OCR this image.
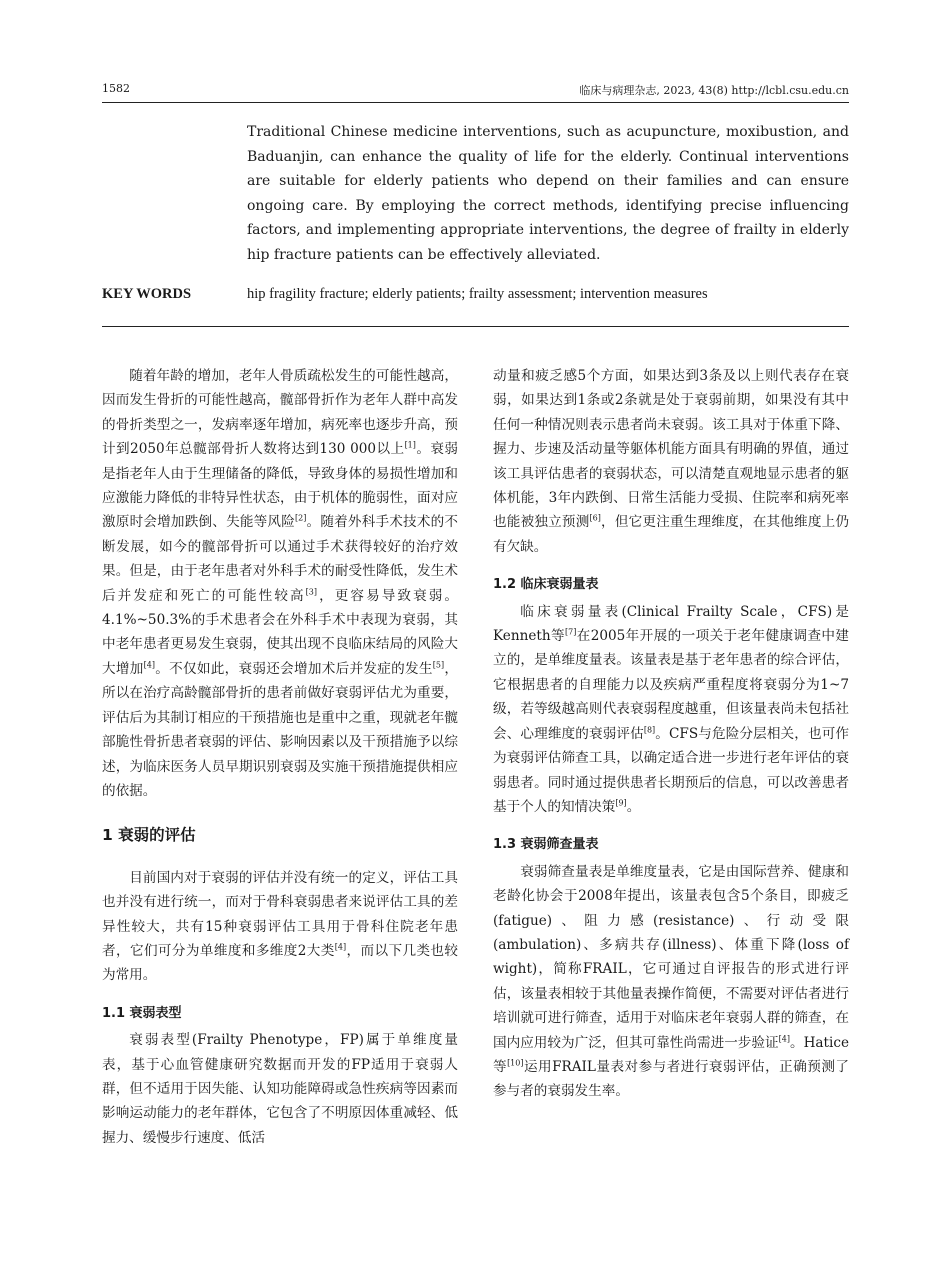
1582	临床与病理杂志, 2023, 43(8) http://lcbl.csu.edu.cn
Traditional Chinese medicine interventions, such as acupuncture, moxibustion, and Baduanjin, can enhance the quality of life for the elderly. Continual interventions are suitable for elderly patients who depend on their families and can ensure ongoing care. By employing the correct methods, identifying precise influencing factors, and implementing appropriate interventions, the degree of frailty in elderly hip fracture patients can be effectively alleviated.
KEY WORDS	hip fragility fracture; elderly patients; frailty assessment; intervention measures

随着年龄的增加，老年人骨质疏松发生的可能性越高，因而发生骨折的可能性越高，髋部骨折作为老年人群中高发的骨折类型之一，发病率逐年增加，病死率也逐步升高，预计到2050年总髋部骨折人数将达到130 000以上[1]。衰弱是指老年人由于生理储备的降低，导致身体的易损性增加和应激能力降低的非特异性状态，由于机体的脆弱性，面对应激原时会增加跌倒、失能等风险[2]。随着外科手术技术的不断发展，如今的髋部骨折可以通过手术获得较好的治疗效果。但是，由于老年患者对外科手术的耐受性降低，发生术后并发症和死亡的可能性较高[3]，更容易导致衰弱。4.1%~50.3%的手术患者会在外科手术中表现为衰弱，其中老年患者更易发生衰弱，使其出现不良临床结局的风险大大增加[4]。不仅如此，衰弱还会增加术后并发症的发生[5]，所以在治疗高龄髋部骨折的患者前做好衰弱评估尤为重要，评估后为其制订相应的干预措施也是重中之重，现就老年髋部脆性骨折患者衰弱的评估、影响因素以及干预措施予以综述，为临床医务人员早期识别衰弱及实施干预措施提供相应的依据。

1 衰弱的评估

目前国内对于衰弱的评估并没有统一的定义，评估工具也并没有进行统一，而对于骨科衰弱患者来说评估工具的差异性较大，共有15种衰弱评估工具用于骨科住院老年患者，它们可分为单维度和多维度2大类[4]，而以下几类也较为常用。

1.1 衰弱表型

衰弱表型(Frailty Phenotype，FP)属于单维度量表，基于心血管健康研究数据而开发的FP适用于衰弱人群，但不适用于因失能、认知功能障碍或急性疾病等因素而影响运动能力的老年群体，它包含了不明原因体重减轻、低握力、缓慢步行速度、低活

动量和疲乏感5个方面，如果达到3条及以上则代表存在衰弱，如果达到1条或2条就是处于衰弱前期，如果没有其中任何一种情况则表示患者尚未衰弱。该工具对于体重下降、握力、步速及活动量等躯体机能方面具有明确的界值，通过该工具评估患者的衰弱状态，可以清楚直观地显示患者的躯体机能，3年内跌倒、日常生活能力受损、住院率和病死率也能被独立预测[6]，但它更注重生理维度，在其他维度上仍有欠缺。

1.2 临床衰弱量表

临床衰弱量表(Clinical Frailty Scale，CFS)是Kenneth等[7]在2005年开展的一项关于老年健康调查中建立的，是单维度量表。该量表是基于老年患者的综合评估，它根据患者的自理能力以及疾病严重程度将衰弱分为1~7级，若等级越高则代表衰弱程度越重，但该量表尚未包括社会、心理维度的衰弱评估[8]。CFS与危险分层相关，也可作为衰弱评估筛查工具，以确定适合进一步进行老年评估的衰弱患者。同时通过提供患者长期预后的信息，可以改善患者基于个人的知情决策[9]。

1.3 衰弱筛查量表

衰弱筛查量表是单维度量表，它是由国际营养、健康和老龄化协会于2008年提出，该量表包含5个条目，即疲乏(fatigue)、阻力感(resistance)、行动受限(ambulation)、多病共存(illness)、体重下降(loss of wight)，简称FRAIL，它可通过自评报告的形式进行评估，该量表相较于其他量表操作简便，不需要对评估者进行培训就可进行筛查，适用于对临床老年衰弱人群的筛查，在国内应用较为广泛，但其可靠性尚需进一步验证[4]。Hatice等[10]运用FRAIL量表对参与者进行衰弱评估，正确预测了参与者的衰弱发生率。
